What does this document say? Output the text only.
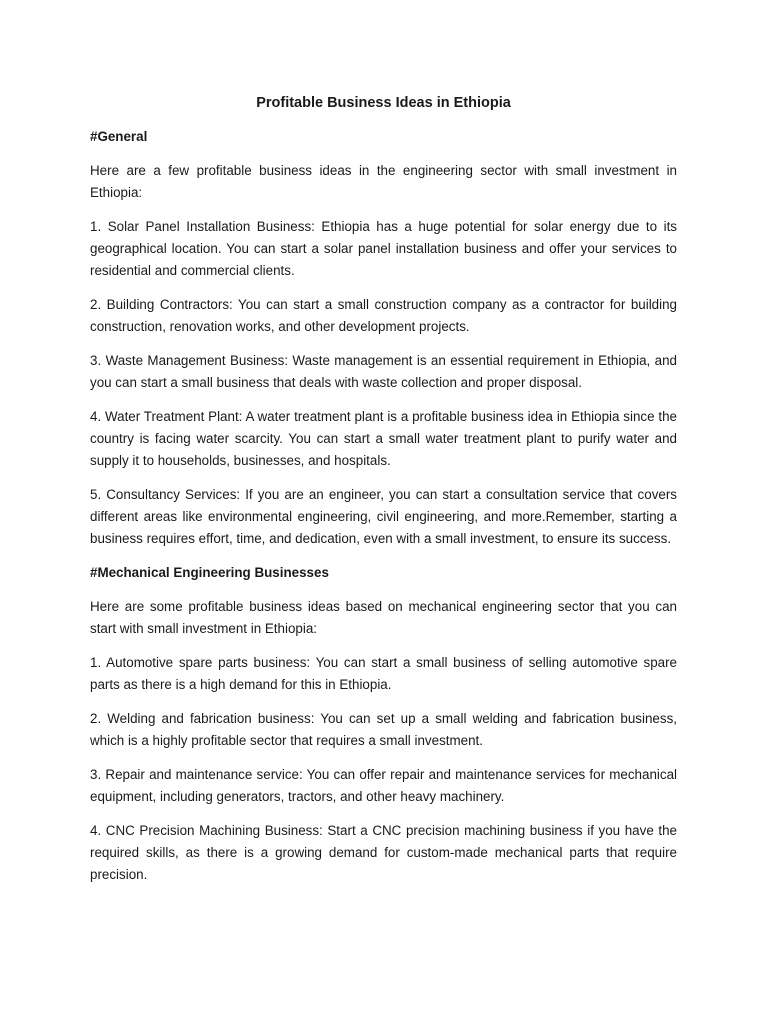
Profitable Business Ideas in Ethiopia
#General

Here are a few profitable business ideas in the engineering sector with small investment in Ethiopia:

1. Solar Panel Installation Business: Ethiopia has a huge potential for solar energy due to its geographical location. You can start a solar panel installation business and offer your services to residential and commercial clients.

2. Building Contractors: You can start a small construction company as a contractor for building construction, renovation works, and other development projects.

3. Waste Management Business: Waste management is an essential requirement in Ethiopia, and you can start a small business that deals with waste collection and proper disposal.

4. Water Treatment Plant: A water treatment plant is a profitable business idea in Ethiopia since the country is facing water scarcity. You can start a small water treatment plant to purify water and supply it to households, businesses, and hospitals.

5. Consultancy Services: If you are an engineer, you can start a consultation service that covers different areas like environmental engineering, civil engineering, and more.Remember, starting a business requires effort, time, and dedication, even with a small investment, to ensure its success.

#Mechanical Engineering Businesses

Here are some profitable business ideas based on mechanical engineering sector that you can start with small investment in Ethiopia:

1. Automotive spare parts business: You can start a small business of selling automotive spare parts as there is a high demand for this in Ethiopia.

2. Welding and fabrication business: You can set up a small welding and fabrication business, which is a highly profitable sector that requires a small investment.

3. Repair and maintenance service: You can offer repair and maintenance services for mechanical equipment, including generators, tractors, and other heavy machinery.

4. CNC Precision Machining Business: Start a CNC precision machining business if you have the required skills, as there is a growing demand for custom-made mechanical parts that require precision.
